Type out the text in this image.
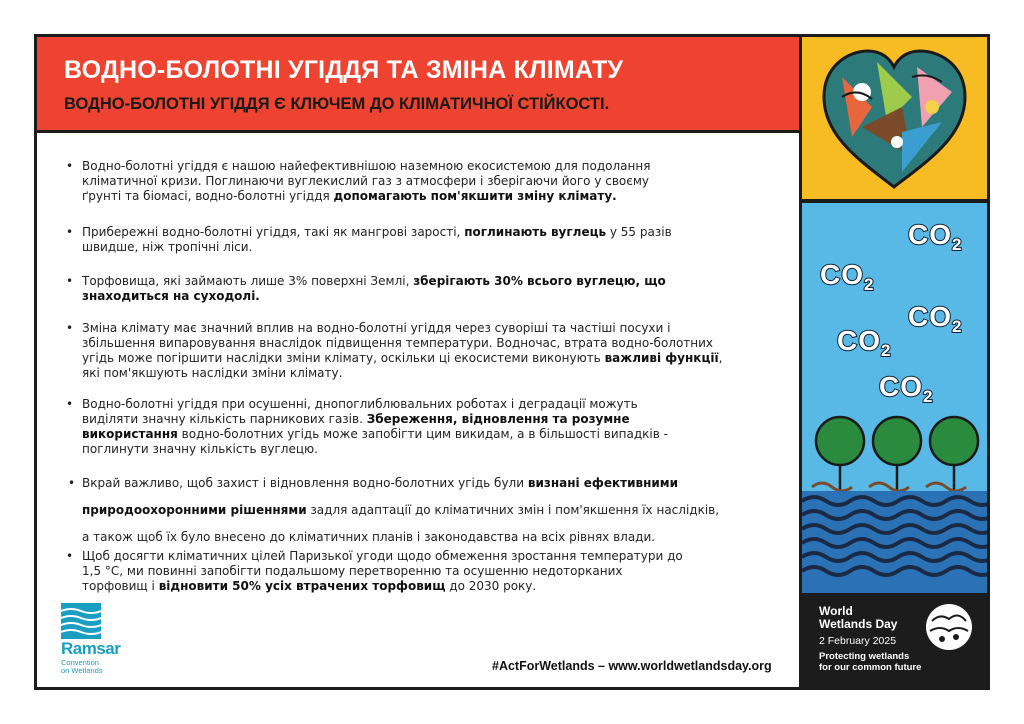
ВОДНО-БОЛОТНІ УГІДДЯ ТА ЗМІНА КЛІМАТУ
ВОДНО-БОЛОТНІ УГІДДЯ Є КЛЮЧЕМ ДО КЛІМАТИЧНОЇ СТІЙКОСТІ.
• Водно-болотні угіддя є нашою найефективнішою наземною екосистемою для подолання
кліматичної кризи. Поглинаючи вуглекислий газ з атмосфери і зберігаючи його у своєму
ґрунті та біомасі, водно-болотні угіддя допомагають пом'якшити зміну клімату.
• Прибережні водно-болотні угіддя, такі як мангрові зарості, поглинають вуглець у 55 разів
швидше, ніж тропічні ліси.
• Торфовища, які займають лише 3% поверхні Землі, зберігають 30% всього вуглецю, що
знаходиться на суходолі.
• Зміна клімату має значний вплив на водно-болотні угіддя через суворіші та частіші посухи і
збільшення випаровування внаслідок підвищення температури. Водночас, втрата водно-болотних
угідь може погіршити наслідки зміни клімату, оскільки ці екосистеми виконують важливі функції,
які пом'якшують наслідки зміни клімату.
• Водно-болотні угіддя при осушенні, днопоглиблювальних роботах і деградації можуть
виділяти значну кількість парникових газів. Збереження, відновлення та розумне
використання водно-болотних угідь може запобігти цим викидам, а в більшості випадків -
поглинути значну кількість вуглецю.
• Вкрай важливо, щоб захист і відновлення водно-болотних угідь були визнані ефективними
природоохоронними рішеннями задля адаптації до кліматичних змін і пом'якшення їх наслідків,
а також щоб їх було внесено до кліматичних планів і законодавства на всіх рівнях влади.
• Щоб досягти кліматичних цілей Паризької угоди щодо обмеження зростання температури до
1,5 °С, ми повинні запобігти подальшому перетворенню та осушенню недоторканих
торфовищ і відновити 50% усіх втрачених торфовищ до 2030 року.
Ramsar
Convention
on Wetlands	#ActForWetlands – www.worldwetlandsday.org
$CO_2$
$CO_2$
$CO_2$
$CO_2$
$CO_2$
World
Wetlands Day
2 February 2025
Protecting wetlands
for our common future
